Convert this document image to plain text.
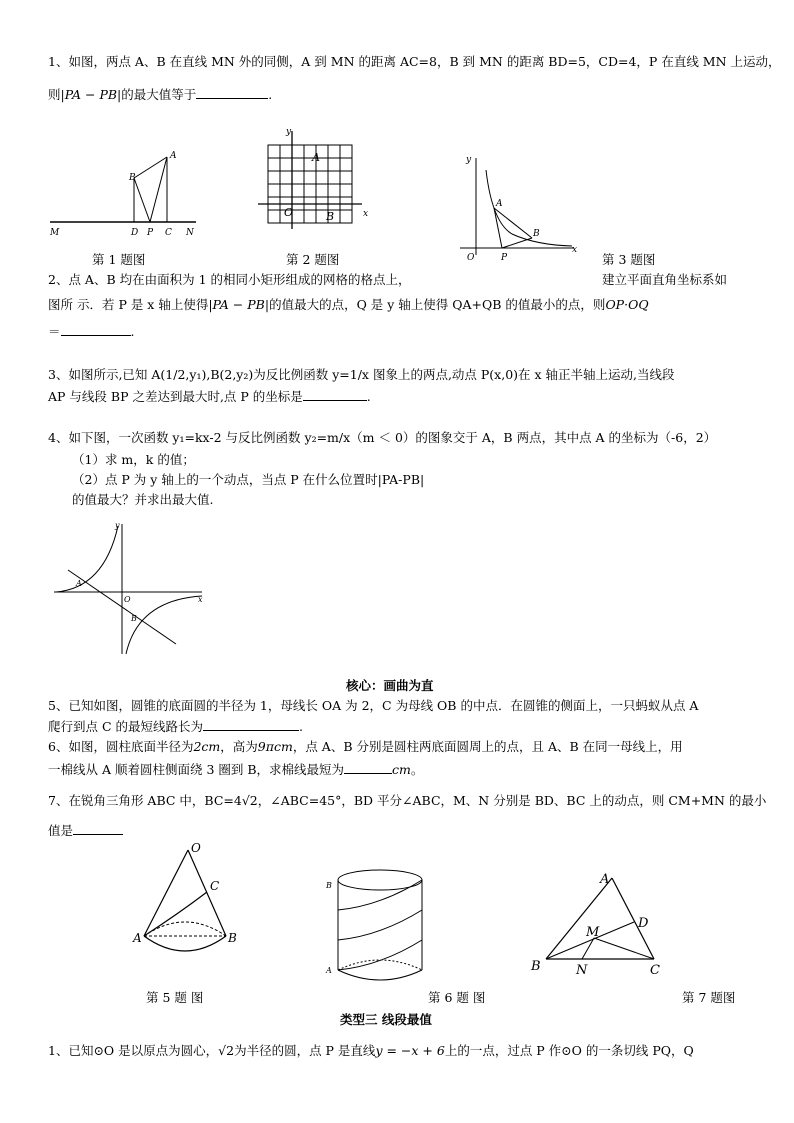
1、如图，两点 A、B 在直线 MN 外的同侧，A 到 MN 的距离 AC=8，B 到 MN 的距离 BD=5，CD=4，P 在直线 MN 上运动，
则|PA − PB|的最大值等于	.
A
B
M	D P C N
第 1 题图
y
A
O	B	x
第 2 题图
y
A
B
O	P
x
第 3 题图
2、点 A、B 均在由面积为 1 的相同小矩形组成的网格的格点上，	建立平面直角坐标系如
图所 示．若 P 是 x 轴上使得|PA − PB|的值最大的点，Q 是 y 轴上使得 QA+QB 的值最小的点，则OP·OQ
＝	.
3、如图所示,已知 A(1/2,y₁),B(2,y₂)为反比例函数 y=1/x 图象上的两点,动点 P(x,0)在 x 轴正半轴上运动,当线段
AP 与线段 BP 之差达到最大时,点 P 的坐标是	.
4、如下图，一次函数 y₁=kx-2 与反比例函数 y₂=m/x（m ＜ 0）的图象交于 A，B 两点，其中点 A 的坐标为（-6，2）
（1）求 m，k 的值；
（2）点 P 为 y 轴上的一个动点，当点 P 在什么位置时|PA-PB|
的值最大？并求出最大值.
y
A
O	x
B
核心：画曲为直
5、已知如图，圆锥的底面圆的半径为 1，母线长 OA 为 2，C 为母线 OB 的中点．在圆锥的侧面上，一只蚂蚁从点 A
爬行到点 C 的最短线路长为	.
6、如图，圆柱底面半径为2cm，高为9πcm，点 A、B 分别是圆柱两底面圆周上的点，且 A、B 在同一母线上，用
一棉线从 A 顺着圆柱侧面绕 3 圈到 B，求棉线最短为	cm。
7、在锐角三角形 ABC 中，BC=4√2，∠ABC=45°，BD 平分∠ABC，M、N 分别是 BD、BC 上的动点，则 CM+MN 的最小
值是
O
C
A	B
第 5 题 图
B
A
第 6 题 图
A
D
M
B	N	C
第 7 题图
类型三 线段最值
1、已知⊙O 是以原点为圆心，√2为半径的圆，点 P 是直线y = −x + 6上的一点，过点 P 作⊙O 的一条切线 PQ，Q
